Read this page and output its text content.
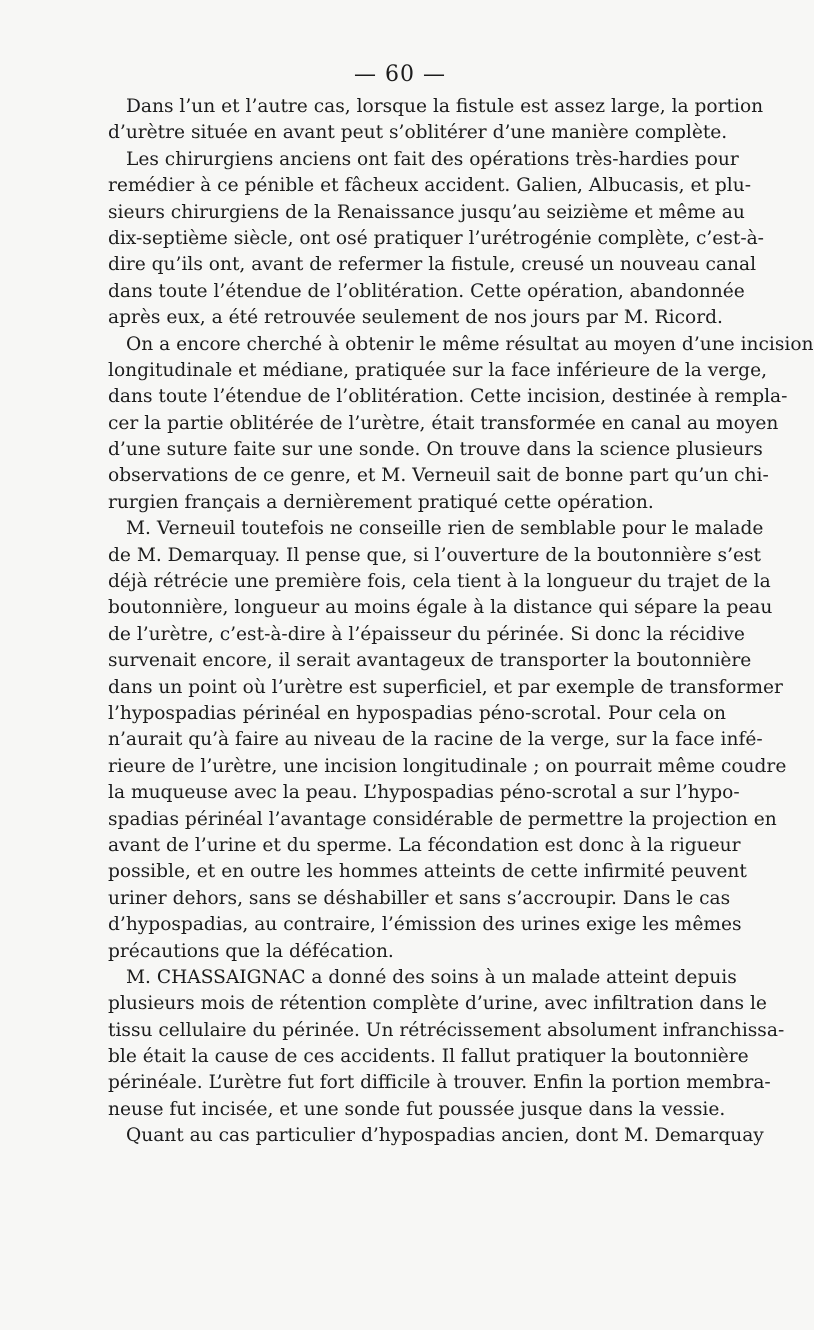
— 60 —
Dans l’un et l’autre cas, lorsque la fistule est assez large, la portion
d’urètre située en avant peut s’oblitérer d’une manière complète.
Les chirurgiens anciens ont fait des opérations très-hardies pour
remédier à ce pénible et fâcheux accident. Galien, Albucasis, et plu-
sieurs chirurgiens de la Renaissance jusqu’au seizième et même au
dix-septième siècle, ont osé pratiquer l’urétrogénie complète, c’est-à-
dire qu’ils ont, avant de refermer la fistule, creusé un nouveau canal
dans toute l’étendue de l’oblitération. Cette opération, abandonnée
après eux, a été retrouvée seulement de nos jours par M. Ricord.
On a encore cherché à obtenir le même résultat au moyen d’une incision
longitudinale et médiane, pratiquée sur la face inférieure de la verge,
dans toute l’étendue de l’oblitération. Cette incision, destinée à rempla-
cer la partie oblitérée de l’urètre, était transformée en canal au moyen
d’une suture faite sur une sonde. On trouve dans la science plusieurs
observations de ce genre, et M. Verneuil sait de bonne part qu’un chi-
rurgien français a dernièrement pratiqué cette opération.
M. Verneuil toutefois ne conseille rien de semblable pour le malade
de M. Demarquay. Il pense que, si l’ouverture de la boutonnière s’est
déjà rétrécie une première fois, cela tient à la longueur du trajet de la
boutonnière, longueur au moins égale à la distance qui sépare la peau
de l’urètre, c’est-à-dire à l’épaisseur du périnée. Si donc la récidive
survenait encore, il serait avantageux de transporter la boutonnière
dans un point où l’urètre est superficiel, et par exemple de transformer
l’hypospadias périnéal en hypospadias péno-scrotal. Pour cela on
n’aurait qu’à faire au niveau de la racine de la verge, sur la face infé-
rieure de l’urètre, une incision longitudinale ; on pourrait même coudre
la muqueuse avec la peau. L’hypospadias péno-scrotal a sur l’hypo-
spadias périnéal l’avantage considérable de permettre la projection en
avant de l’urine et du sperme. La fécondation est donc à la rigueur
possible, et en outre les hommes atteints de cette infirmité peuvent
uriner dehors, sans se déshabiller et sans s’accroupir. Dans le cas
d’hypospadias, au contraire, l’émission des urines exige les mêmes
précautions que la défécation.
M. CHASSAIGNAC a donné des soins à un malade atteint depuis
plusieurs mois de rétention complète d’urine, avec infiltration dans le
tissu cellulaire du périnée. Un rétrécissement absolument infranchissa-
ble était la cause de ces accidents. Il fallut pratiquer la boutonnière
périnéale. L’urètre fut fort difficile à trouver. Enfin la portion membra-
neuse fut incisée, et une sonde fut poussée jusque dans la vessie.
Quant au cas particulier d’hypospadias ancien, dont M. Demarquay
